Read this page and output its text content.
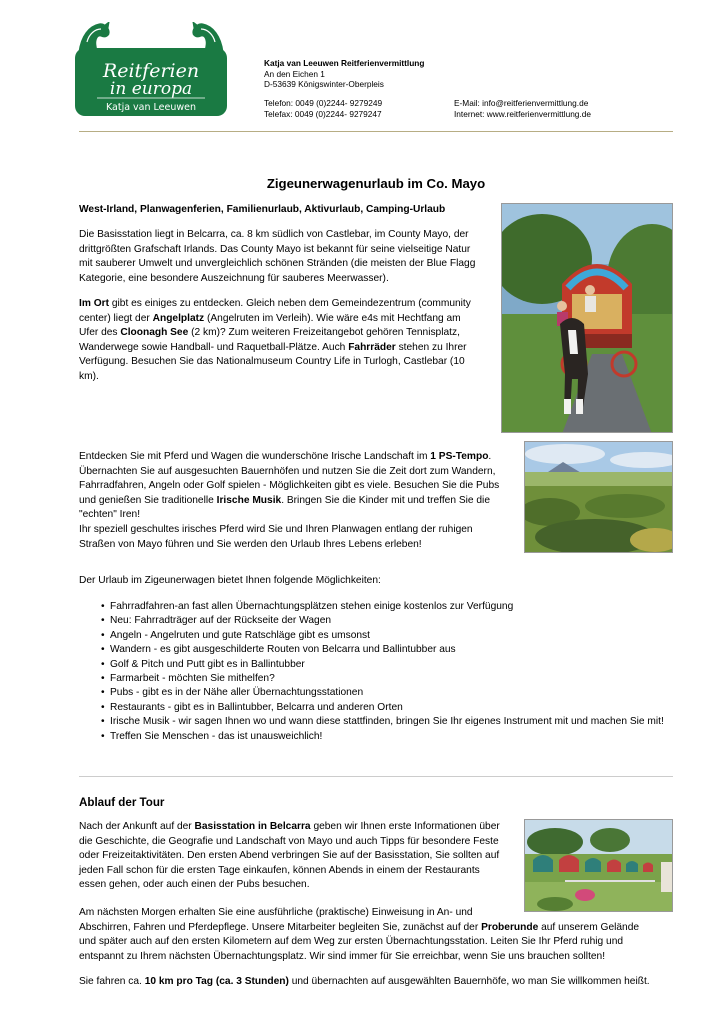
Reitferien
in europa
Katja van Leeuwen
Katja van Leeuwen Reitferienvermittlung
An den Eichen 1
D-53639 Königswinter-Oberpleis
Telefon: 0049 (0)2244- 9279249
Telefax: 0049 (0)2244- 9279247
E-Mail: info@reitferienvermittlung.de
Internet: www.reitferienvermittlung.de
Zigeunerwagenurlaub im Co. Mayo
West-Irland, Planwagenferien, Familienurlaub, Aktivurlaub, Camping-Urlaub
Die Basisstation liegt in Belcarra, ca. 8 km südlich von Castlebar, im County Mayo, der
drittgrößten Grafschaft Irlands. Das County Mayo ist bekannt für seine vielseitige Natur
mit sauberer Umwelt und unvergleichlich schönen Stränden (die meisten der Blue Flagg
Kategorie, eine besondere Auszeichnung für sauberes Meerwasser).
Im Ort gibt es einiges zu entdecken. Gleich neben dem Gemeindezentrum (community
center) liegt der Angelplatz (Angelruten im Verleih). Wie wäre e4s mit Hechtfang am
Ufer des Cloonagh See (2 km)? Zum weiteren Freizeitangebot gehören Tennisplatz,
Wanderwege sowie Handball- und Raquetball-Plätze. Auch Fahrräder stehen zu Ihrer
Verfügung. Besuchen Sie das Nationalmuseum Country Life in Turlogh, Castlebar (10
km).
Entdecken Sie mit Pferd und Wagen die wunderschöne Irische Landschaft im 1 PS-Tempo.
Übernachten Sie auf ausgesuchten Bauernhöfen und nutzen Sie die Zeit dort zum Wandern,
Fahrradfahren, Angeln oder Golf spielen - Möglichkeiten gibt es viele. Besuchen Sie die Pubs
und genießen Sie traditionelle Irische Musik. Bringen Sie die Kinder mit und treffen Sie die
"echten" Iren!
Ihr speziell geschultes irisches Pferd wird Sie und Ihren Planwagen entlang der ruhigen
Straßen von Mayo führen und Sie werden den Urlaub Ihres Lebens erleben!
Der Urlaub im Zigeunerwagen bietet Ihnen folgende Möglichkeiten:
• Fahrradfahren-an fast allen Übernachtungsplätzen stehen einige kostenlos zur Verfügung
• Neu: Fahrradträger auf der Rückseite der Wagen
• Angeln - Angelruten und gute Ratschläge gibt es umsonst
• Wandern - es gibt ausgeschilderte Routen von Belcarra und Ballintubber aus
• Golf & Pitch und Putt gibt es in Ballintubber
• Farmarbeit - möchten Sie mithelfen?
• Pubs - gibt es in der Nähe aller Übernachtungsstationen
• Restaurants - gibt es in Ballintubber, Belcarra und anderen Orten
• Irische Musik - wir sagen Ihnen wo und wann diese stattfinden, bringen Sie Ihr eigenes Instrument mit und machen Sie mit!
• Treffen Sie Menschen - das ist unausweichlich!
Ablauf der Tour
Nach der Ankunft auf der Basisstation in Belcarra geben wir Ihnen erste Informationen über
die Geschichte, die Geografie und Landschaft von Mayo und auch Tipps für besondere Feste
oder Freizeitaktivitäten. Den ersten Abend verbringen Sie auf der Basisstation, Sie sollten auf
jeden Fall schon für die ersten Tage einkaufen, können Abends in einem der Restaurants
essen gehen, oder auch einen der Pubs besuchen.
Am nächsten Morgen erhalten Sie eine ausführliche (praktische) Einweisung in An- und
Abschirren, Fahren und Pferdepflege. Unsere Mitarbeiter begleiten Sie, zunächst auf der Proberunde auf unserem Gelände
und später auch auf den ersten Kilometern auf dem Weg zur ersten Übernachtungsstation. Leiten Sie Ihr Pferd ruhig und
entspannt zu Ihrem nächsten Übernachtungsplatz. Wir sind immer für Sie erreichbar, wenn Sie uns brauchen sollten!
Sie fahren ca. 10 km pro Tag (ca. 3 Stunden) und übernachten auf ausgewählten Bauernhöfe, wo man Sie willkommen heißt.
